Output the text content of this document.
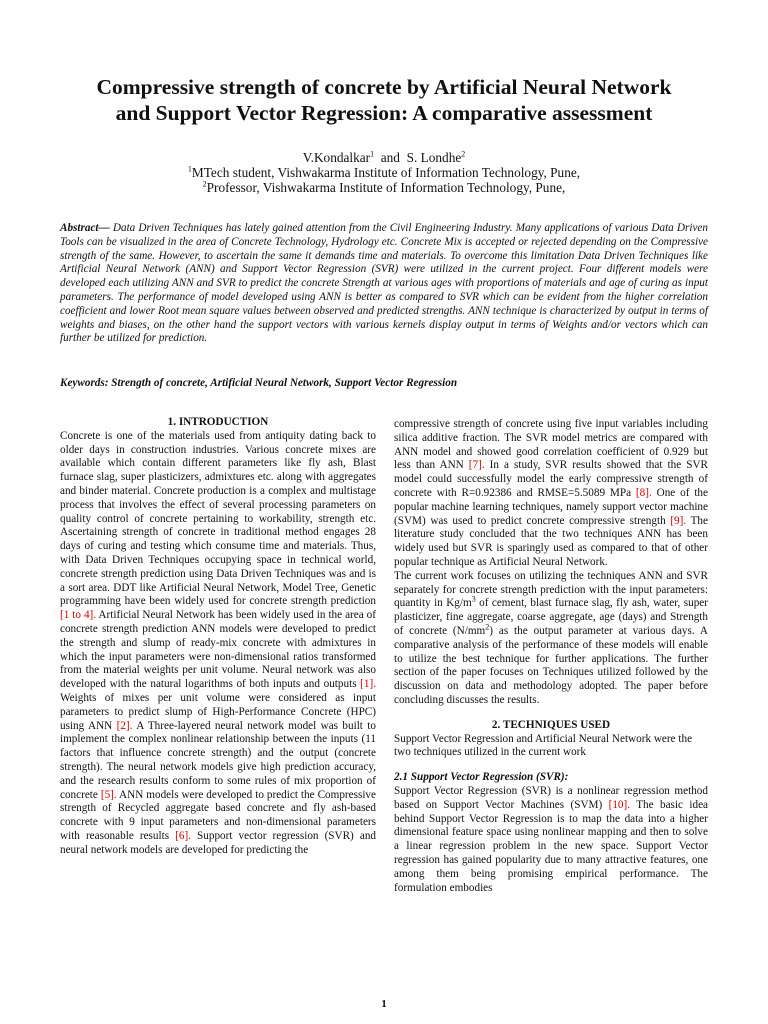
Compressive strength of concrete by Artificial Neural Network and Support Vector Regression: A comparative assessment
V.Kondalkar$^1$  and  S. Londhe$^2$
$^1$MTech student, Vishwakarma Institute of Information Technology, Pune,
$^2$Professor, Vishwakarma Institute of Information Technology, Pune,
Abstract— Data Driven Techniques has lately gained attention from the Civil Engineering Industry. Many applications of various Data Driven Tools can be visualized in the area of Concrete Technology, Hydrology etc. Concrete Mix is accepted or rejected depending on the Compressive strength of the same. However, to ascertain the same it demands time and materials. To overcome this limitation Data Driven Techniques like Artificial Neural Network (ANN) and Support Vector Regression (SVR) were utilized in the current project. Four different models were developed each utilizing ANN and SVR to predict the concrete Strength at various ages with proportions of materials and age of curing as input parameters. The performance of model developed using ANN is better as compared to SVR which can be evident from the higher correlation coefficient and lower Root mean square values between observed and predicted strengths. ANN technique is characterized by output in terms of weights and biases, on the other hand the support vectors with various kernels display output in terms of Weights and/or vectors which can further be utilized for prediction.
Keywords: Strength of concrete, Artificial Neural Network, Support Vector Regression

1. INTRODUCTION

Concrete is one of the materials used from antiquity dating back to older days in construction industries. Various concrete mixes are available which contain different parameters like fly ash, Blast furnace slag, super plasticizers, admixtures etc. along with aggregates and binder material. Concrete production is a complex and multistage process that involves the effect of several processing parameters on quality control of concrete pertaining to workability, strength etc. Ascertaining strength of concrete in traditional method engages 28 days of curing and testing which consume time and materials. Thus, with Data Driven Techniques occupying space in technical world, concrete strength prediction using Data Driven Techniques was and is a sort area. DDT like Artificial Neural Network, Model Tree, Genetic programming have been widely used for concrete strength prediction [1 to 4]. Artificial Neural Network has been widely used in the area of concrete strength prediction ANN models were developed to predict the strength and slump of ready-mix concrete with admixtures in which the input parameters were non-dimensional ratios transformed from the material weights per unit volume. Neural network was also developed with the natural logarithms of both inputs and outputs [1]. Weights of mixes per unit volume were considered as input parameters to predict slump of High-Performance Concrete (HPC) using ANN [2]. A Three-layered neural network model was built to implement the complex nonlinear relationship between the inputs (11 factors that influence concrete strength) and the output (concrete strength). The neural network models give high prediction accuracy, and the research results conform to some rules of mix proportion of concrete [5]. ANN models were developed to predict the Compressive strength of Recycled aggregate based concrete and fly ash-based concrete with 9 input parameters and non-dimensional parameters with reasonable results [6]. Support vector regression (SVR) and neural network models are developed for predicting the

compressive strength of concrete using five input variables including silica additive fraction. The SVR model metrics are compared with ANN model and showed good correlation coefficient of 0.929 but less than ANN [7]. In a study, SVR results showed that the SVR model could successfully model the early compressive strength of concrete with R=0.92386 and RMSE=5.5089 MPa [8]. One of the popular machine learning techniques, namely support vector machine (SVM) was used to predict concrete compressive strength [9]. The literature study concluded that the two techniques ANN has been widely used but SVR is sparingly used as compared to that of other popular technique as Artificial Neural Network.

The current work focuses on utilizing the techniques ANN and SVR separately for concrete strength prediction with the input parameters: quantity in $Kg/m^3$ of cement, blast furnace slag, fly ash, water, super plasticizer, fine aggregate, coarse aggregate, age (days) and Strength of concrete $(N/mm^2)$ as the output parameter at various days. A comparative analysis of the performance of these models will enable to utilize the best technique for further applications. The further section of the paper focuses on Techniques utilized followed by the discussion on data and methodology adopted. The paper before concluding discusses the results.

2. TECHNIQUES USED

Support Vector Regression and Artificial Neural Network were the two techniques utilized in the current work

2.1 Support Vector Regression (SVR):

Support Vector Regression (SVR) is a nonlinear regression method based on Support Vector Machines (SVM) [10]. The basic idea behind Support Vector Regression is to map the data into a higher dimensional feature space using nonlinear mapping and then to solve a linear regression problem in the new space. Support Vector regression has gained popularity due to many attractive features, one among them being promising empirical performance. The formulation embodies

1
